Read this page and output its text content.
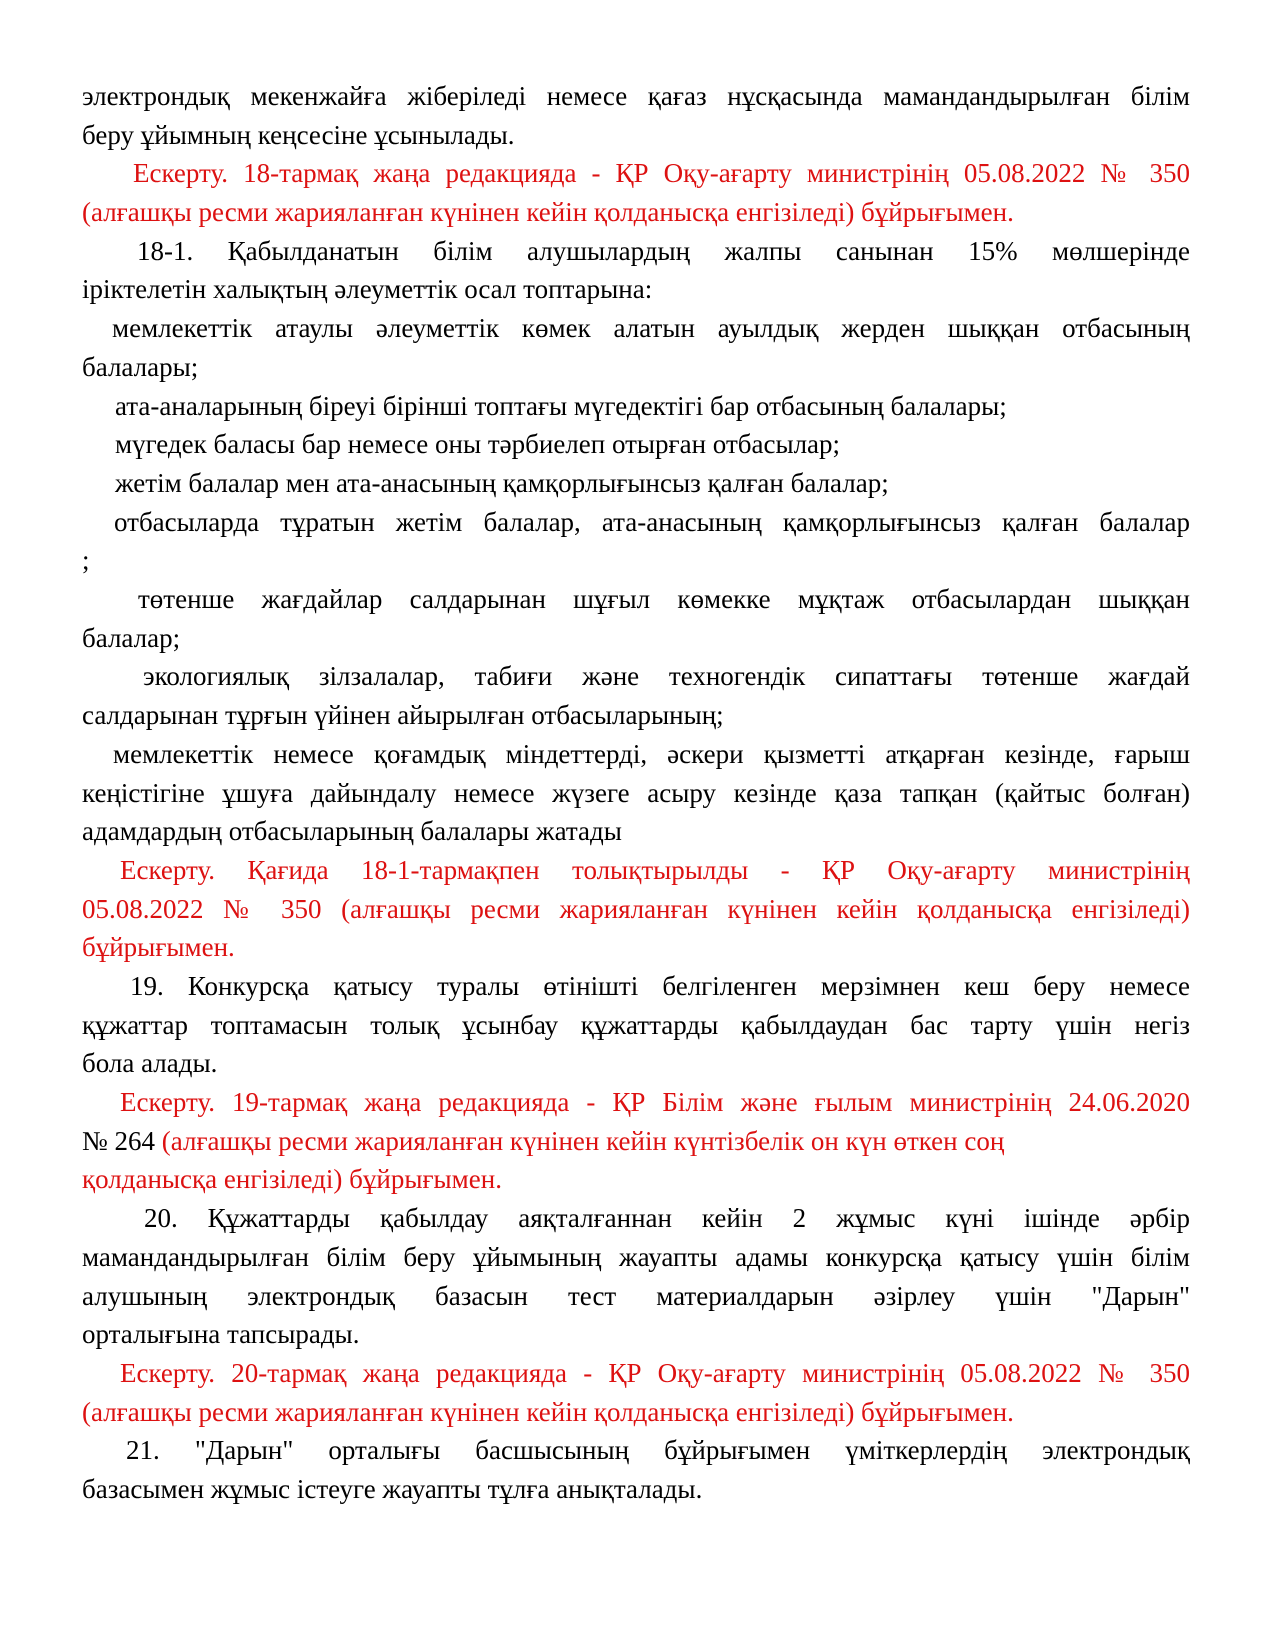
электрондық мекенжайға жіберіледі немесе қағаз нұсқасында мамандандырылған білім
беру ұйымның кеңсесіне ұсынылады.
Ескерту. 18-тармақ жаңа редакцияда - ҚР Оқу-ағарту министрінің 05.08.2022 № 350
(алғашқы ресми жарияланған күнінен кейін қолданысқа енгізіледі) бұйрығымен.
18-1. Қабылданатын білім алушылардың жалпы санынан 15% мөлшерінде
іріктелетін халықтың әлеуметтік осал топтарына:
мемлекеттік атаулы әлеуметтік көмек алатын ауылдық жерден шыққан отбасының
балалары;
ата-аналарының біреуі бірінші топтағы мүгедектігі бар отбасының балалары;
мүгедек баласы бар немесе оны тәрбиелеп отырған отбасылар;
жетім балалар мен ата-анасының қамқорлығынсыз қалған балалар;
отбасыларда тұратын жетім балалар, ата-анасының қамқорлығынсыз қалған балалар
;
төтенше жағдайлар салдарынан шұғыл көмекке мұқтаж отбасылардан шыққан
балалар;
экологиялық зілзалалар, табиғи және техногендік сипаттағы төтенше жағдай
салдарынан тұрғын үйінен айырылған отбасыларының;
мемлекеттік немесе қоғамдық міндеттерді, әскери қызметті атқарған кезінде, ғарыш
кеңістігіне ұшуға дайындалу немесе жүзеге асыру кезінде қаза тапқан (қайтыс болған)
адамдардың отбасыларының балалары жатады
Ескерту. Қағида 18-1-тармақпен толықтырылды - ҚР Оқу-ағарту министрінің
05.08.2022 № 350 (алғашқы ресми жарияланған күнінен кейін қолданысқа енгізіледі)
бұйрығымен.
19. Конкурсқа қатысу туралы өтінішті белгіленген мерзімнен кеш беру немесе
құжаттар топтамасын толық ұсынбау құжаттарды қабылдаудан бас тарту үшін негіз
бола алады.
Ескерту. 19-тармақ жаңа редакцияда - ҚР Білім және ғылым министрінің 24.06.2020
№ 264 (алғашқы ресми жарияланған күнінен кейін күнтізбелік он күн өткен соң
қолданысқа енгізіледі) бұйрығымен.
20. Құжаттарды қабылдау аяқталғаннан кейін 2 жұмыс күні ішінде әрбір
мамандандырылған білім беру ұйымының жауапты адамы конкурсқа қатысу үшін білім
алушының электрондық базасын тест материалдарын әзірлеу үшін "Дарын"
орталығына тапсырады.
Ескерту. 20-тармақ жаңа редакцияда - ҚР Оқу-ағарту министрінің 05.08.2022 № 350
(алғашқы ресми жарияланған күнінен кейін қолданысқа енгізіледі) бұйрығымен.
21. "Дарын" орталығы басшысының бұйрығымен үміткерлердің электрондық
базасымен жұмыс істеуге жауапты тұлға анықталады.
